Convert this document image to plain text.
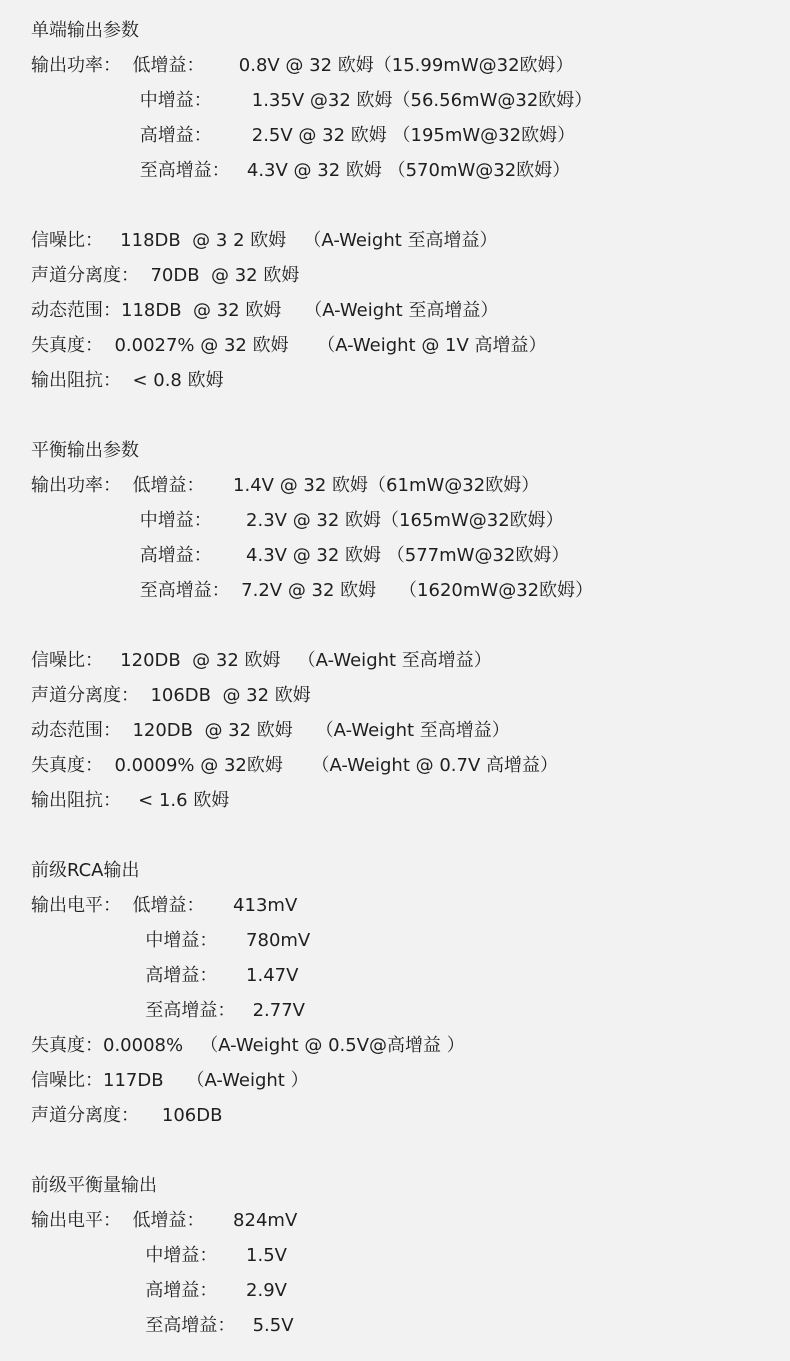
单端输出参数

输出功率：  低增益：      0.8V @ 32 欧姆（15.99mW@32欧姆）

中增益：       1.35V @32 欧姆（56.56mW@32欧姆）

高增益：       2.5V @ 32 欧姆 （195mW@32欧姆）

至高增益：   4.3V @ 32 欧姆 （570mW@32欧姆）

信噪比：   118DB  @ 3 2 欧姆   （A-Weight 至高增益）

声道分离度：  70DB  @ 32 欧姆

动态范围：118DB  @ 32 欧姆    （A-Weight 至高增益）

失真度：  0.0027% @ 32 欧姆     （A-Weight @ 1V 高增益）

输出阻抗：  < 0.8 欧姆

平衡输出参数

输出功率：  低增益：     1.4V @ 32 欧姆（61mW@32欧姆）

中增益：      2.3V @ 32 欧姆（165mW@32欧姆）

高增益：      4.3V @ 32 欧姆 （577mW@32欧姆）

至高增益：  7.2V @ 32 欧姆    （1620mW@32欧姆）

信噪比：   120DB  @ 32 欧姆   （A-Weight 至高增益）

声道分离度：  106DB  @ 32 欧姆

动态范围：  120DB  @ 32 欧姆    （A-Weight 至高增益）

失真度：  0.0009% @ 32欧姆     （A-Weight @ 0.7V 高增益）

输出阻抗：   < 1.6 欧姆

前级RCA输出

输出电平：  低增益：     413mV

中增益：     780mV

高增益：     1.47V

至高增益：   2.77V

失真度：0.0008%   （A-Weight @ 0.5V@高增益 ）

信噪比：117DB    （A-Weight ）

声道分离度：    106DB

前级平衡量输出

输出电平：  低增益：     824mV

中增益：     1.5V

高增益：     2.9V

至高增益：   5.5V
